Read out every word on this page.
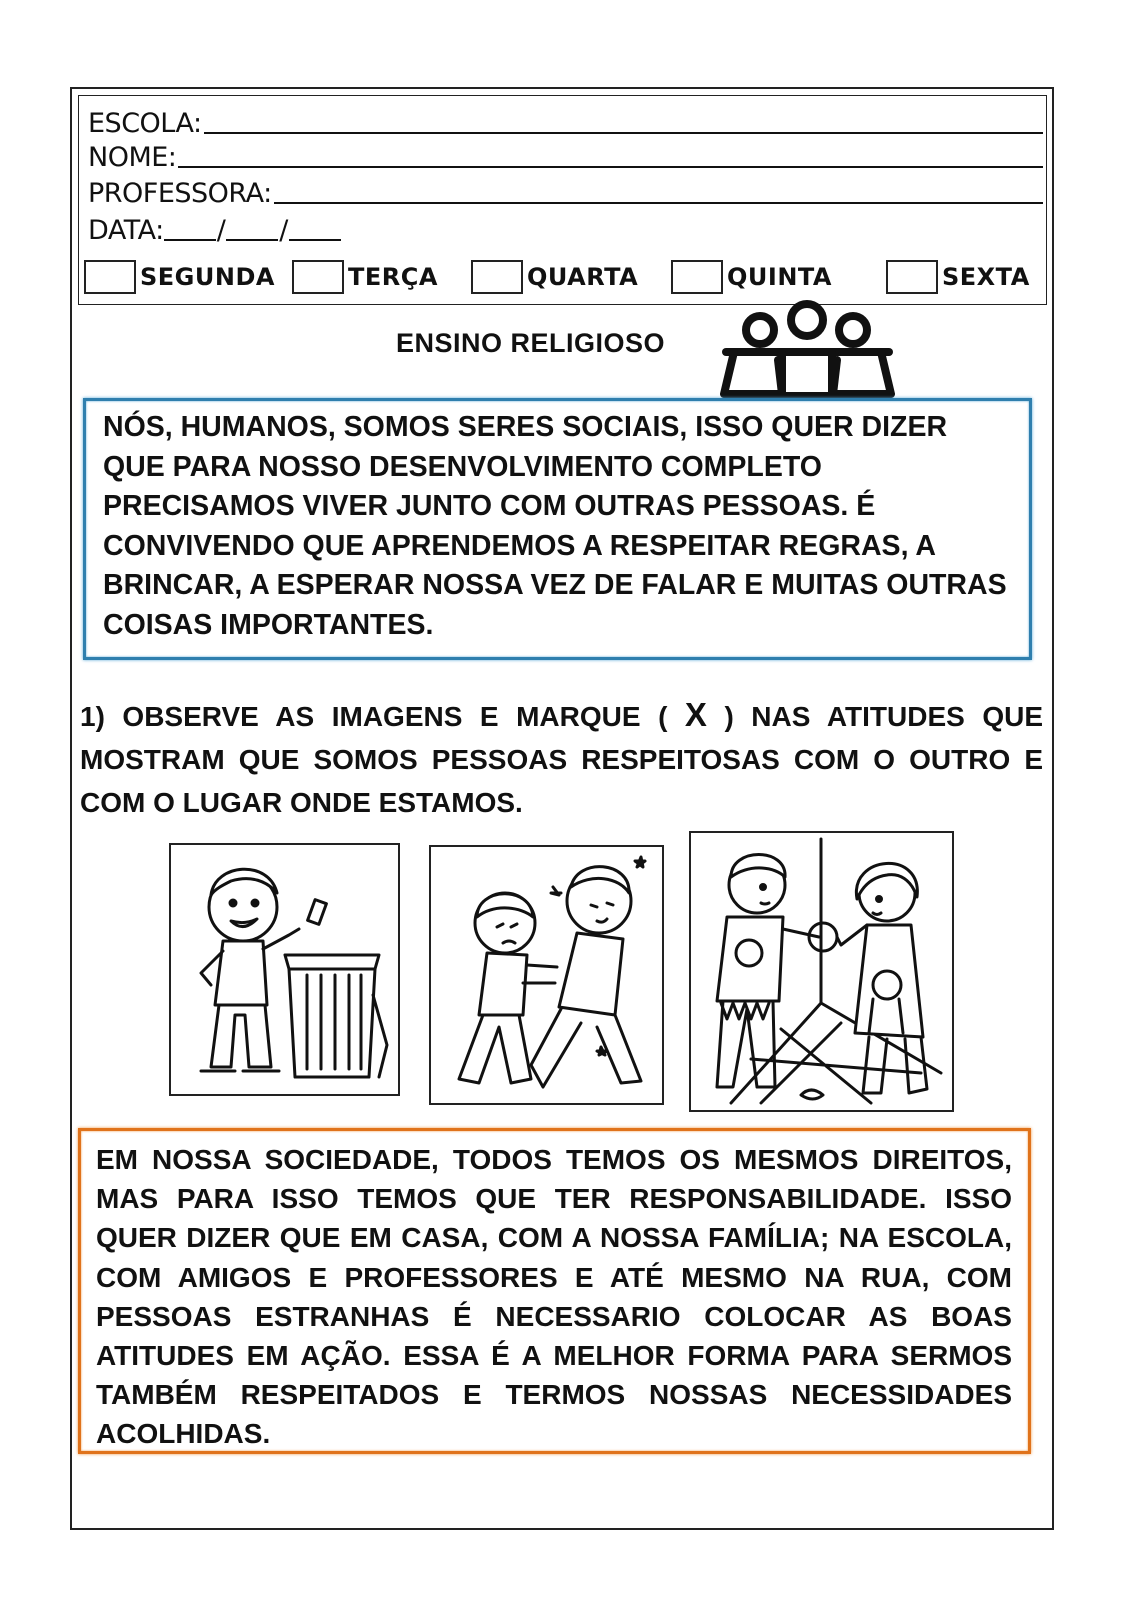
ESCOLA:
NOME:
PROFESSORA:
DATA: / /
SEGUNDA	TERÇA	QUARTA	QUINTA	SEXTA
ENSINO RELIGIOSO
NÓS, HUMANOS, SOMOS SERES SOCIAIS, ISSO QUER DIZER QUE PARA NOSSO DESENVOLVIMENTO COMPLETO PRECISAMOS VIVER JUNTO COM OUTRAS PESSOAS. É CONVIVENDO QUE APRENDEMOS A RESPEITAR REGRAS, A BRINCAR, A ESPERAR NOSSA VEZ DE FALAR E MUITAS OUTRAS COISAS IMPORTANTES.
1) OBSERVE AS IMAGENS E MARQUE ( X ) NAS ATITUDES QUE MOSTRAM QUE SOMOS PESSOAS RESPEITOSAS COM O OUTRO E COM O LUGAR ONDE ESTAMOS.
EM NOSSA SOCIEDADE, TODOS TEMOS OS MESMOS DIREITOS, MAS PARA ISSO TEMOS QUE TER RESPONSABILIDADE. ISSO QUER DIZER QUE EM CASA, COM A NOSSA FAMÍLIA; NA ESCOLA, COM AMIGOS E PROFESSORES E ATÉ MESMO NA RUA, COM PESSOAS ESTRANHAS É NECESSARIO COLOCAR AS BOAS ATITUDES EM AÇÃO. ESSA É A MELHOR FORMA PARA SERMOS TAMBÉM RESPEITADOS E TERMOS NOSSAS NECESSIDADES ACOLHIDAS.
